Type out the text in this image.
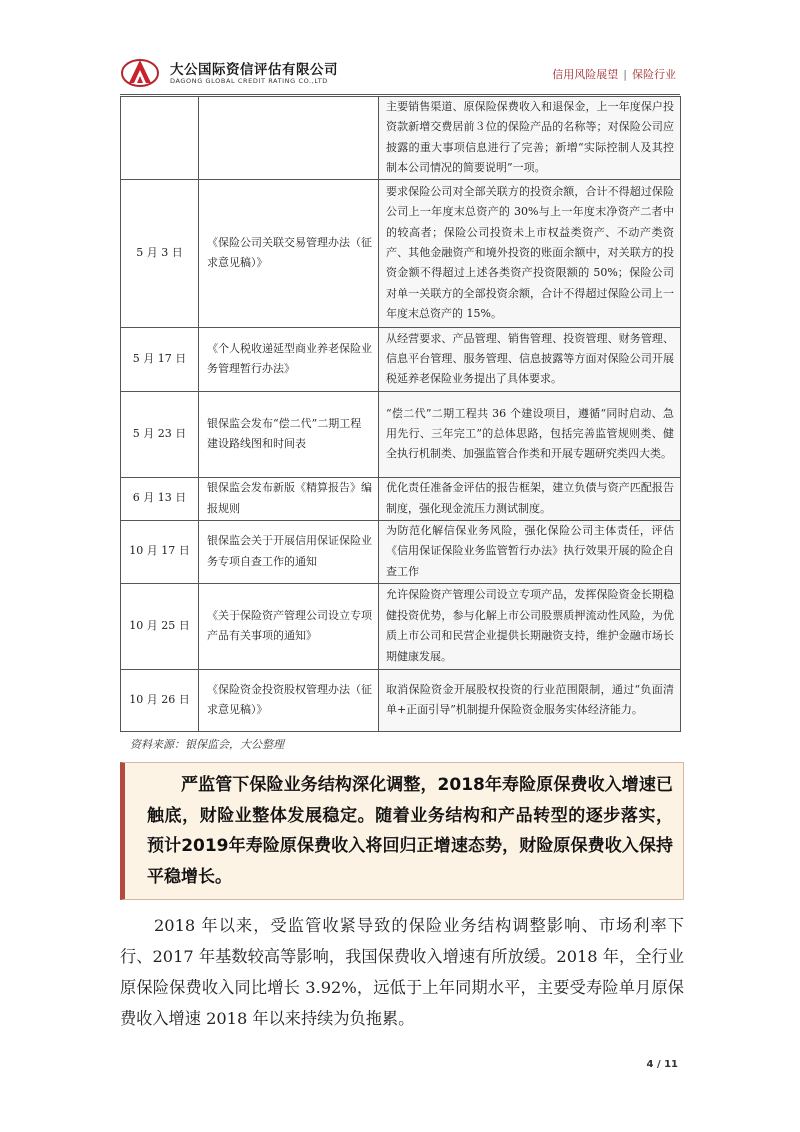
大公国际资信评估有限公司
DAGONG GLOBAL CREDIT RATING CO.,LTD	信用风险展望 | 保险行业
		主要销售渠道、原保险保费收入和退保金，上一年度保户投资款新增交费居前３位的保险产品的名称等；对保险公司应披露的重大事项信息进行了完善；新增“实际控制人及其控制本公司情况的简要说明”一项。
5 月 3 日	《保险公司关联交易管理办法（征求意见稿）》	要求保险公司对全部关联方的投资余额，合计不得超过保险公司上一年度末总资产的 30%与上一年度末净资产二者中的较高者；保险公司投资未上市权益类资产、不动产类资产、其他金融资产和境外投资的账面余额中，对关联方的投资金额不得超过上述各类资产投资限额的 50%；保险公司对单一关联方的全部投资余额，合计不得超过保险公司上一年度末总资产的 15%。
5 月 17 日	《个人税收递延型商业养老保险业务管理暂行办法》	从经营要求、产品管理、销售管理、投资管理、财务管理、信息平台管理、服务管理、信息披露等方面对保险公司开展税延养老保险业务提出了具体要求。
5 月 23 日	银保监会发布“偿二代”二期工程建设路线图和时间表	“偿二代”二期工程共 36 个建设项目，遵循“同时启动、急用先行、三年完工”的总体思路，包括完善监管规则类、健全执行机制类、加强监管合作类和开展专题研究类四大类。
6 月 13 日	银保监会发布新版《精算报告》编报规则	优化责任准备金评估的报告框架，建立负债与资产匹配报告制度，强化现金流压力测试制度。
10 月 17 日	银保监会关于开展信用保证保险业务专项自查工作的通知	为防范化解信保业务风险，强化保险公司主体责任，评估《信用保证保险业务监管暂行办法》执行效果开展的险企自查工作
10 月 25 日	《关于保险资产管理公司设立专项产品有关事项的通知》	允许保险资产管理公司设立专项产品，发挥保险资金长期稳健投资优势，参与化解上市公司股票质押流动性风险，为优质上市公司和民营企业提供长期融资支持，维护金融市场长期健康发展。
10 月 26 日	《保险资金投资股权管理办法（征求意见稿）》	取消保险资金开展股权投资的行业范围限制，通过“负面清单+正面引导”机制提升保险资金服务实体经济能力。
资料来源：银保监会，大公整理
严监管下保险业务结构深化调整，2018年寿险原保费收入增速已触底，财险业整体发展稳定。随着业务结构和产品转型的逐步落实，预计2019年寿险原保费收入将回归正增速态势，财险原保费收入保持平稳增长。
2018 年以来，受监管收紧导致的保险业务结构调整影响、市场利率下行、2017 年基数较高等影响，我国保费收入增速有所放缓。2018 年，全行业原保险保费收入同比增长 3.92%，远低于上年同期水平，主要受寿险单月原保费收入增速 2018 年以来持续为负拖累。
4 / 11
